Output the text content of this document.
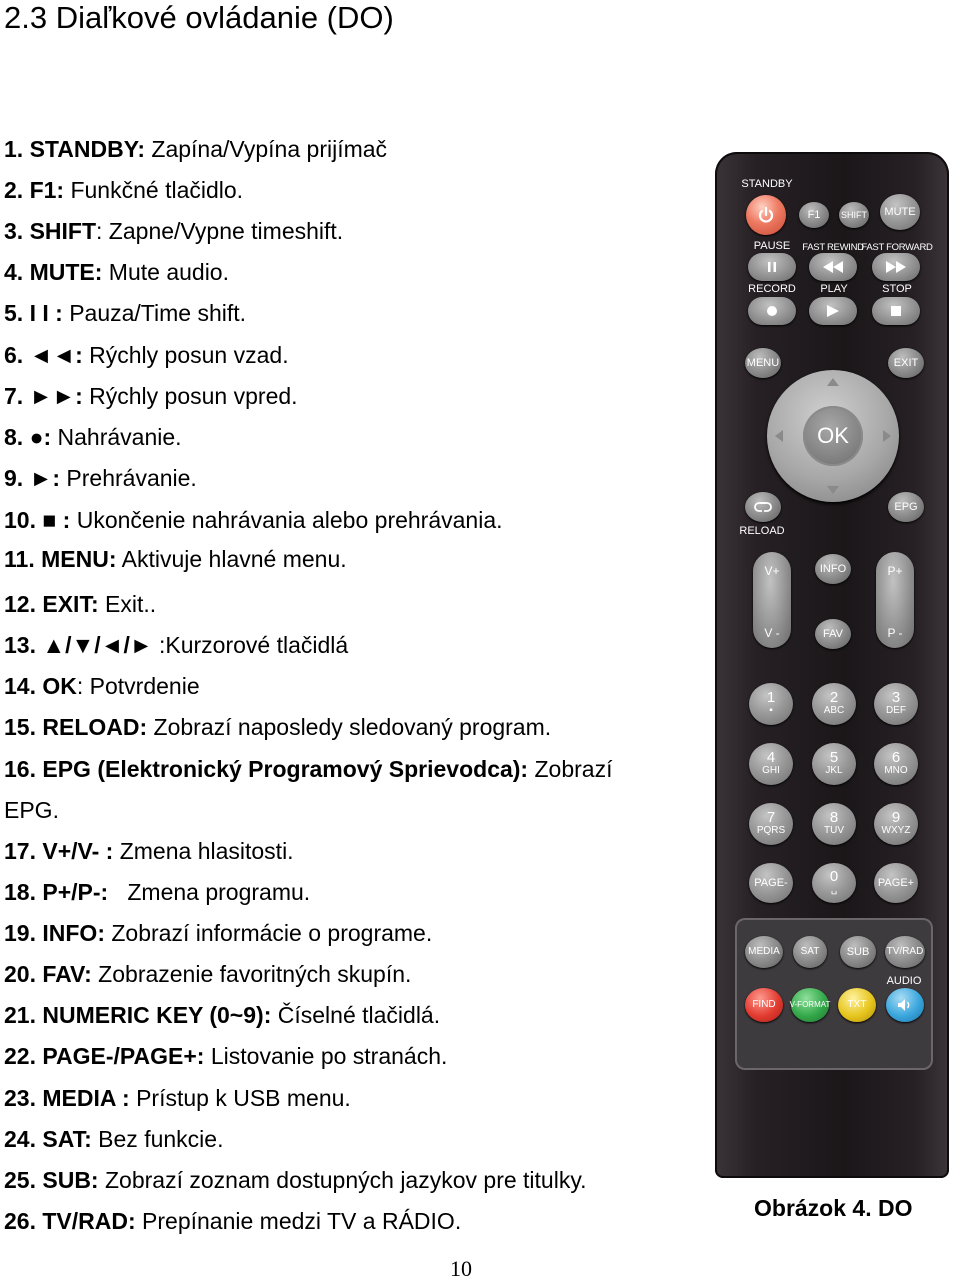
2.3 Diaľkové ovládanie (DO)
1. STANDBY: Zapína/Vypína prijímač
2. F1: Funkčné tlačidlo.
3. SHIFT: Zapne/Vypne timeshift.
4. MUTE: Mute audio.
5. I I : Pauza/Time shift.
6. ◄◄: Rýchly posun vzad.
7. ►►: Rýchly posun vpred.
8. ●: Nahrávanie.
9. ►: Prehrávanie.
10. ■ : Ukončenie nahrávania alebo prehrávania.
11. MENU: Aktivuje hlavné menu.
12. EXIT: Exit..
13. ▲/▼/◄/► :Kurzorové tlačidlá
14. OK: Potvrdenie
15. RELOAD: Zobrazí naposledy sledovaný program.
16. EPG (Elektronický Programový Sprievodca): Zobrazí
EPG.
17. V+/V- : Zmena hlasitosti.
18. P+/P-:   Zmena programu.
19. INFO: Zobrazí informácie o programe.
20. FAV: Zobrazenie favoritných skupín.
21. NUMERIC KEY (0~9): Číselné tlačidlá.
22. PAGE-/PAGE+: Listovanie po stranách.
23. MEDIA : Prístup k USB menu.
24. SAT: Bez funkcie.
25. SUB: Zobrazí zoznam dostupných jazykov pre titulky.
26. TV/RAD: Prepínanie medzi TV a RÁDIO.
STANDBY
F1	SHIFT	MUTE
PAUSE FAST REWIND
FAST FORWARD
RECORD PLAY	STOP
MENU	EXIT
OK
RELOAD
EPG
V+
V -
INFO
FAV
P+
P -
1
▪
2
ABC
3
DEF
4
GHI
5
JKL
6
MNO
7
PQRS
8
TUV
9
WXYZ
PAGE-	0
␣	PAGE+
MEDIA	SAT	SUB	TV/RAD
AUDIO
FIND	V-FORMAT	TXT
Obrázok 4. DO
10
